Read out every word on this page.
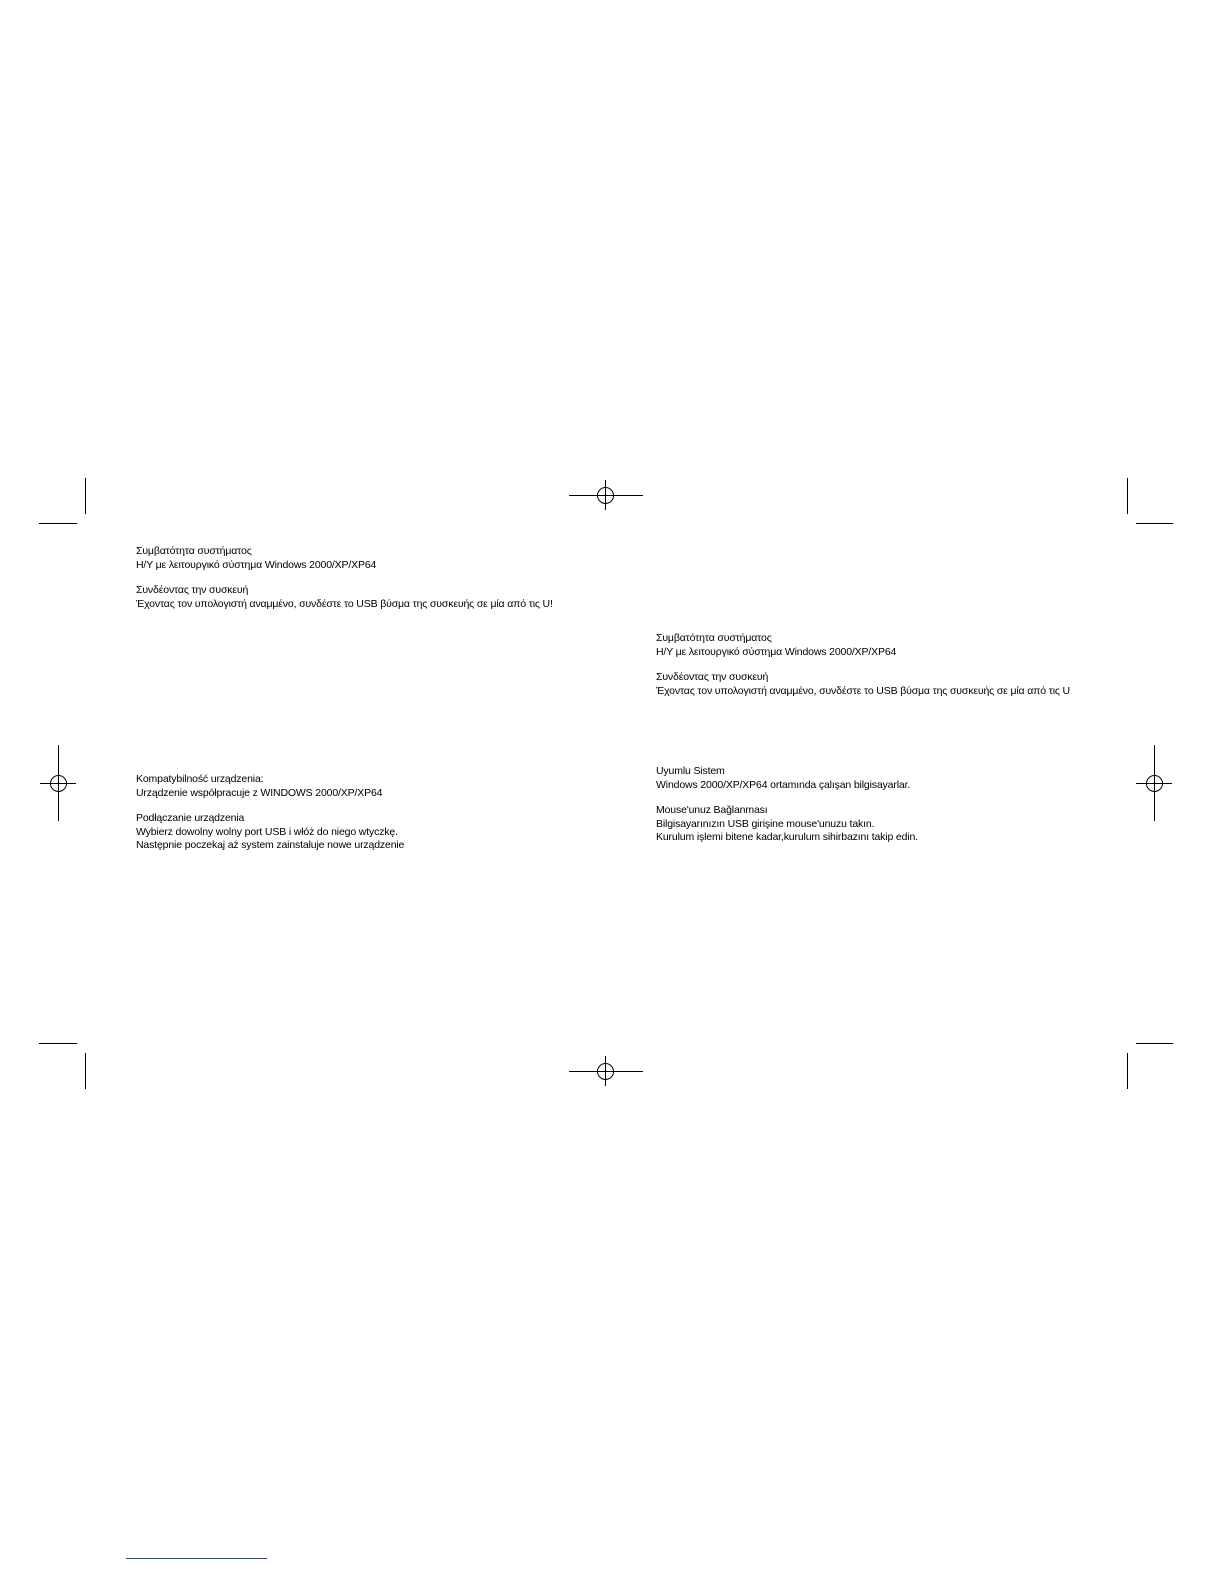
Συμβατότητα συστήματος
Η/Υ με λειτουργικό σύστημα Windows 2000/XP/XP64
Συνδέοντας την συσκευή
Έχοντας τον υπολογιστή αναμμένο, συνδέστε το USB βύσμα της συσκευής σε μία από τις U!
Συμβατότητα συστήματος
Η/Υ με λειτουργικό σύστημα Windows 2000/XP/XP64
Συνδέοντας την συσκευή
Έχοντας τον υπολογιστή αναμμένο, συνδέστε το USB βύσμα της συσκευής σε μία από τις U
Kompatybilność urządzenia:
Urządzenie współpracuje z WINDOWS 2000/XP/XP64
Podłączanie urządzenia
Wybierz dowolny wolny port USB i włóż do niego wtyczkę.
Następnie poczekaj aż system zainstaluje nowe urządzenie
Uyumlu Sistem
Windows 2000/XP/XP64 ortamında çalışan bilgisayarlar.
Mouse'unuz Bağlanması
Bilgisayarınızın USB girişine mouse'unuzu takın.
Kurulum işlemi bitene kadar,kurulum sihirbazını takip edin.
